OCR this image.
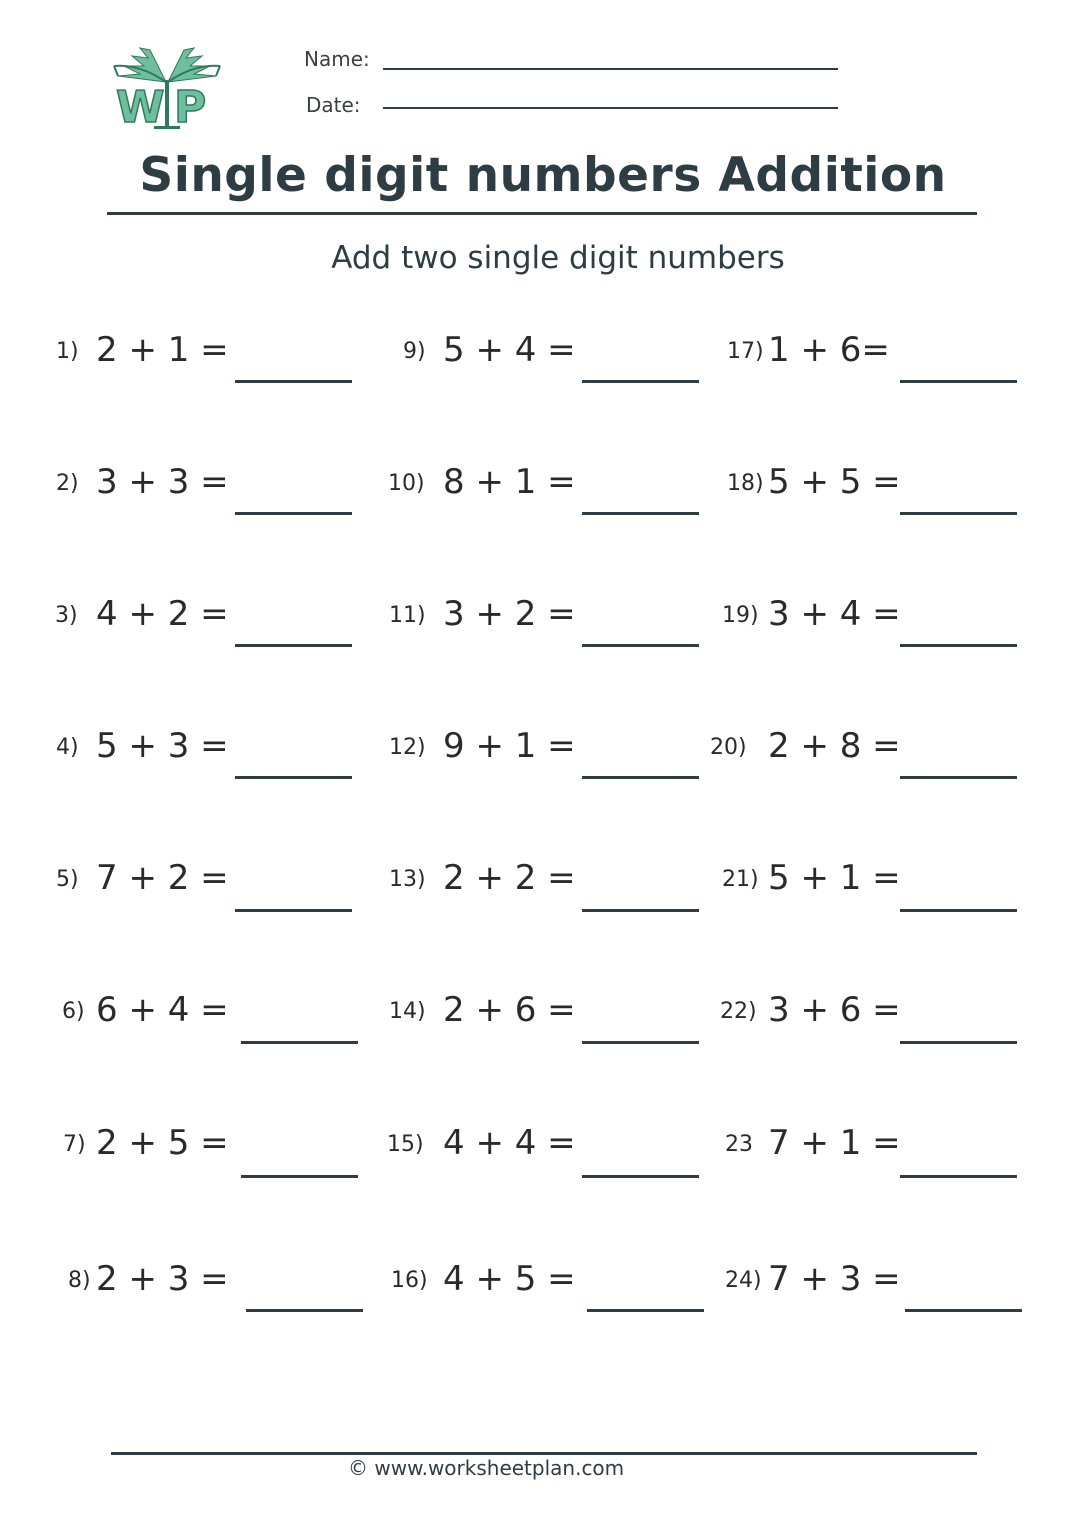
W P
Name:
Date:
Single digit numbers Addition
Add two single digit numbers
1) 2 + 1 =
2) 3 + 3 =
3) 4 + 2 =
4) 5 + 3 =
5) 7 + 2 =
6) 6 + 4 =
7) 2 + 5 =
8) 2 + 3 =
9) 5 + 4 =
10) 8 + 1 =
11) 3 + 2 =
12) 9 + 1 =
13) 2 + 2 =
14) 2 + 6 =
15) 4 + 4 =
16) 4 + 5 =
17) 1 + 6=
18) 5 + 5 =
19) 3 + 4 =
20) 2 + 8 =
21) 5 + 1 =
22) 3 + 6 =
23 7 + 1 =
24) 7 + 3 =
© www.worksheetplan.com
